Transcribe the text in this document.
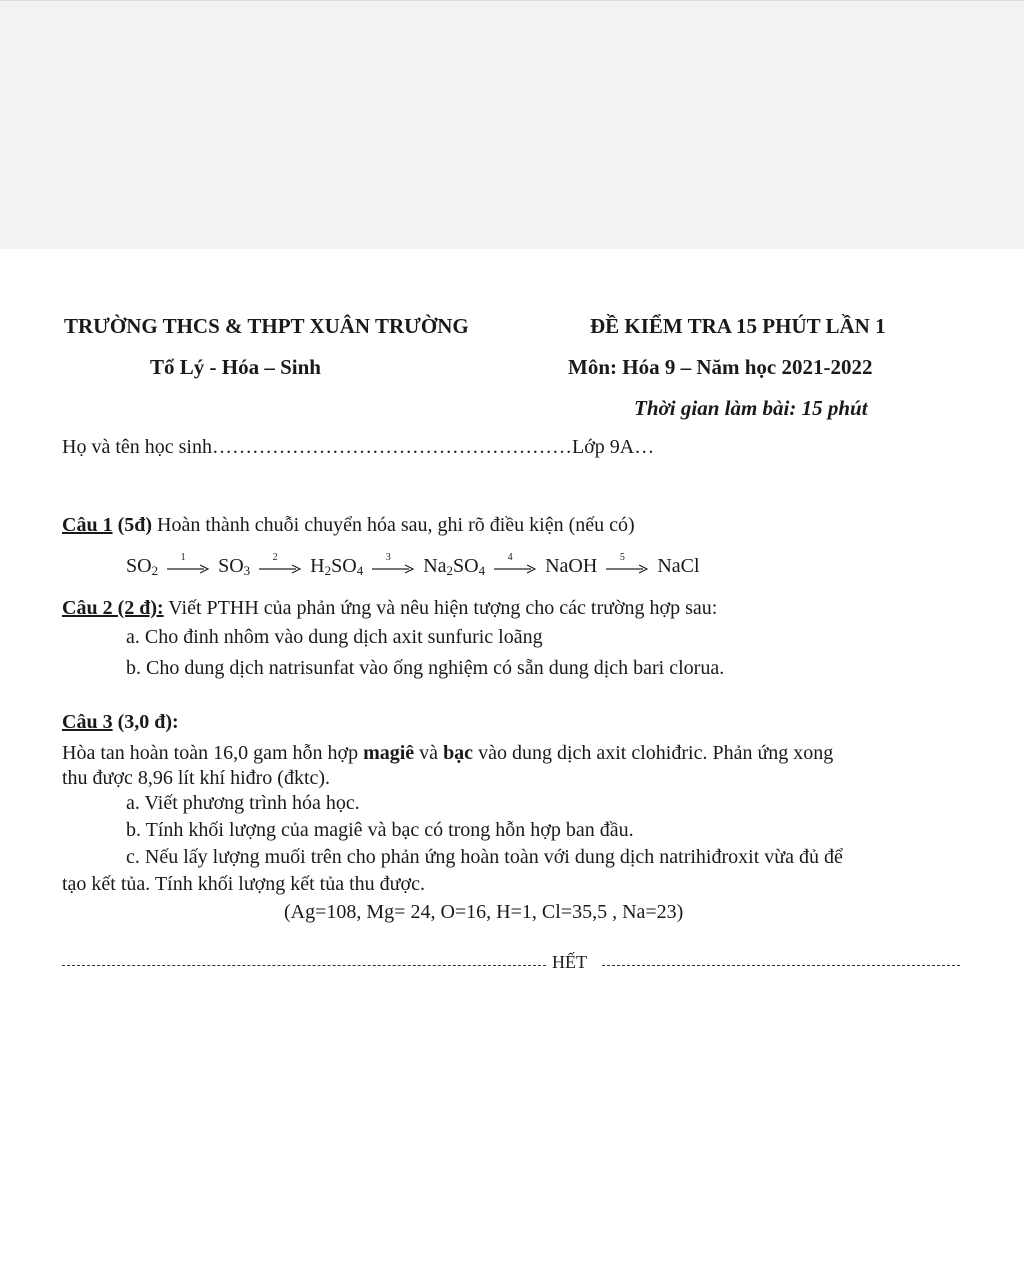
TRƯỜNG THCS & THPT XUÂN TRƯỜNG	ĐỀ KIỂM TRA 15 PHÚT LẦN 1
Tổ Lý - Hóa – Sinh	Môn: Hóa 9 – Năm học 2021-2022
Thời gian làm bài: 15 phút
Họ và tên học sinh………………………………………………Lớp 9A…
Câu 1 (5đ) Hoàn thành chuỗi chuyển hóa sau, ghi rõ điều kiện (nếu có)
$SO_2$
1	$SO_3$
2	$H_2SO_4$
3	$Na_2SO_4$
4	NaOH	5	NaCl
Câu 2 (2 đ): Viết PTHH của phản ứng và nêu hiện tượng cho các trường hợp sau:
a. Cho đinh nhôm vào dung dịch axit sunfuric loãng
b. Cho dung dịch natrisunfat vào ống nghiệm có sẵn dung dịch bari clorua.
Câu 3 (3,0 đ):
Hòa tan hoàn toàn 16,0 gam hỗn hợp magiê và bạc vào dung dịch axit clohiđric. Phản ứng xong
thu được 8,96 lít khí hiđro (đktc).
a. Viết phương trình hóa học.
b. Tính khối lượng của magiê và bạc có trong hỗn hợp ban đầu.
c. Nếu lấy lượng muối trên cho phản ứng hoàn toàn với dung dịch natrihiđroxit vừa đủ để
tạo kết tủa. Tính khối lượng kết tủa thu được.
(Ag=108, Mg= 24, O=16, H=1, Cl=35,5 , Na=23)
HẾT
